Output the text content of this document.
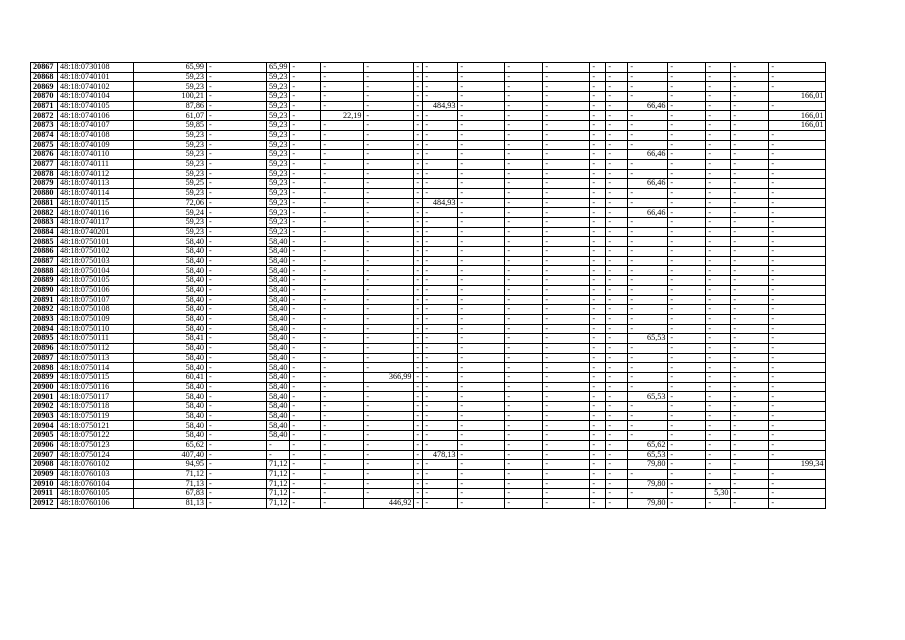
20867	48:18:0730108	65,99	-	65,99	-	-	-	-	-	-	-	-	-	-	-	-	-	-	-
20868	48:18:0740101	59,23	-	59,23	-	-	-	-	-	-	-	-	-	-	-	-	-	-	-
20869	48:18:0740102	59,23	-	59,23	-	-	-	-	-	-	-	-	-	-	-	-	-	-	-
20870	48:18:0740104	100,21	-	59,23	-	-	-	-	-	-	-	-	-	-	-	-	-	-	166,01
20871	48:18:0740105	87,86	-	59,23	-	-	-	-	484,93	-	-	-	-	-	66,46	-	-	-	-
20872	48:18:0740106	61,07	-	59,23	-	22,19	-	-	-	-	-	-	-	-	-	-	-	-	166,01
20873	48:18:0740107	59,85	-	59,23	-	-	-	-	-	-	-	-	-	-	-	-	-	-	166,01
20874	48:18:0740108	59,23	-	59,23	-	-	-	-	-	-	-	-	-	-	-	-	-	-	-
20875	48:18:0740109	59,23	-	59,23	-	-	-	-	-	-	-	-	-	-	-	-	-	-	-
20876	48:18:0740110	59,23	-	59,23	-	-	-	-	-	-	-	-	-	-	66,46	-	-	-	-
20877	48:18:0740111	59,23	-	59,23	-	-	-	-	-	-	-	-	-	-	-	-	-	-	-
20878	48:18:0740112	59,23	-	59,23	-	-	-	-	-	-	-	-	-	-	-	-	-	-	-
20879	48:18:0740113	59,25	-	59,23	-	-	-	-	-	-	-	-	-	-	66,46	-	-	-	-
20880	48:18:0740114	59,23	-	59,23	-	-	-	-	-	-	-	-	-	-	-	-	-	-	-
20881	48:18:0740115	72,06	-	59,23	-	-	-	-	484,93	-	-	-	-	-	-	-	-	-	-
20882	48:18:0740116	59,24	-	59,23	-	-	-	-	-	-	-	-	-	-	66,46	-	-	-	-
20883	48:18:0740117	59,23	-	59,23	-	-	-	-	-	-	-	-	-	-	-	-	-	-	-
20884	48:18:0740201	59,23	-	59,23	-	-	-	-	-	-	-	-	-	-	-	-	-	-	-
20885	48:18:0750101	58,40	-	58,40	-	-	-	-	-	-	-	-	-	-	-	-	-	-	-
20886	48:18:0750102	58,40	-	58,40	-	-	-	-	-	-	-	-	-	-	-	-	-	-	-
20887	48:18:0750103	58,40	-	58,40	-	-	-	-	-	-	-	-	-	-	-	-	-	-	-
20888	48:18:0750104	58,40	-	58,40	-	-	-	-	-	-	-	-	-	-	-	-	-	-	-
20889	48:18:0750105	58,40	-	58,40	-	-	-	-	-	-	-	-	-	-	-	-	-	-	-
20890	48:18:0750106	58,40	-	58,40	-	-	-	-	-	-	-	-	-	-	-	-	-	-	-
20891	48:18:0750107	58,40	-	58,40	-	-	-	-	-	-	-	-	-	-	-	-	-	-	-
20892	48:18:0750108	58,40	-	58,40	-	-	-	-	-	-	-	-	-	-	-	-	-	-	-
20893	48:18:0750109	58,40	-	58,40	-	-	-	-	-	-	-	-	-	-	-	-	-	-	-
20894	48:18:0750110	58,40	-	58,40	-	-	-	-	-	-	-	-	-	-	-	-	-	-	-
20895	48:18:0750111	58,41	-	58,40	-	-	-	-	-	-	-	-	-	-	65,53	-	-	-	-
20896	48:18:0750112	58,40	-	58,40	-	-	-	-	-	-	-	-	-	-	-	-	-	-	-
20897	48:18:0750113	58,40	-	58,40	-	-	-	-	-	-	-	-	-	-	-	-	-	-	-
20898	48:18:0750114	58,40	-	58,40	-	-	-	-	-	-	-	-	-	-	-	-	-	-	-
20899	48:18:0750115	60,41	-	58,40	-	-	366,99	-	-	-	-	-	-	-	-	-	-	-	-
20900	48:18:0750116	58,40	-	58,40	-	-	-	-	-	-	-	-	-	-	-	-	-	-	-
20901	48:18:0750117	58,40	-	58,40	-	-	-	-	-	-	-	-	-	-	65,53	-	-	-	-
20902	48:18:0750118	58,40	-	58,40	-	-	-	-	-	-	-	-	-	-	-	-	-	-	-
20903	48:18:0750119	58,40	-	58,40	-	-	-	-	-	-	-	-	-	-	-	-	-	-	-
20904	48:18:0750121	58,40	-	58,40	-	-	-	-	-	-	-	-	-	-	-	-	-	-	-
20905	48:18:0750122	58,40	-	58,40	-	-	-	-	-	-	-	-	-	-	-	-	-	-	-
20906	48:18:0750123	65,62	-	-	-	-	-	-	-	-	-	-	-	-	65,62	-	-	-	-
20907	48:18:0750124	407,40	-	-	-	-	-	-	478,13	-	-	-	-	-	65,53	-	-	-	-
20908	48:18:0760102	94,95	-	71,12	-	-	-	-	-	-	-	-	-	-	79,80	-	-	-	199,34
20909	48:18:0760103	71,12	-	71,12	-	-	-	-	-	-	-	-	-	-	-	-	-	-	-
20910	48:18:0760104	71,13	-	71,12	-	-	-	-	-	-	-	-	-	-	79,80	-	-	-	-
20911	48:18:0760105	67,83	-	71,12	-	-	-	-	-	-	-	-	-	-	-	-	5,30	-	-
20912	48:18:0760106	81,13	-	71,12	-	-	446,92	-	-	-	-	-	-	-	79,80	-	-	-	-
